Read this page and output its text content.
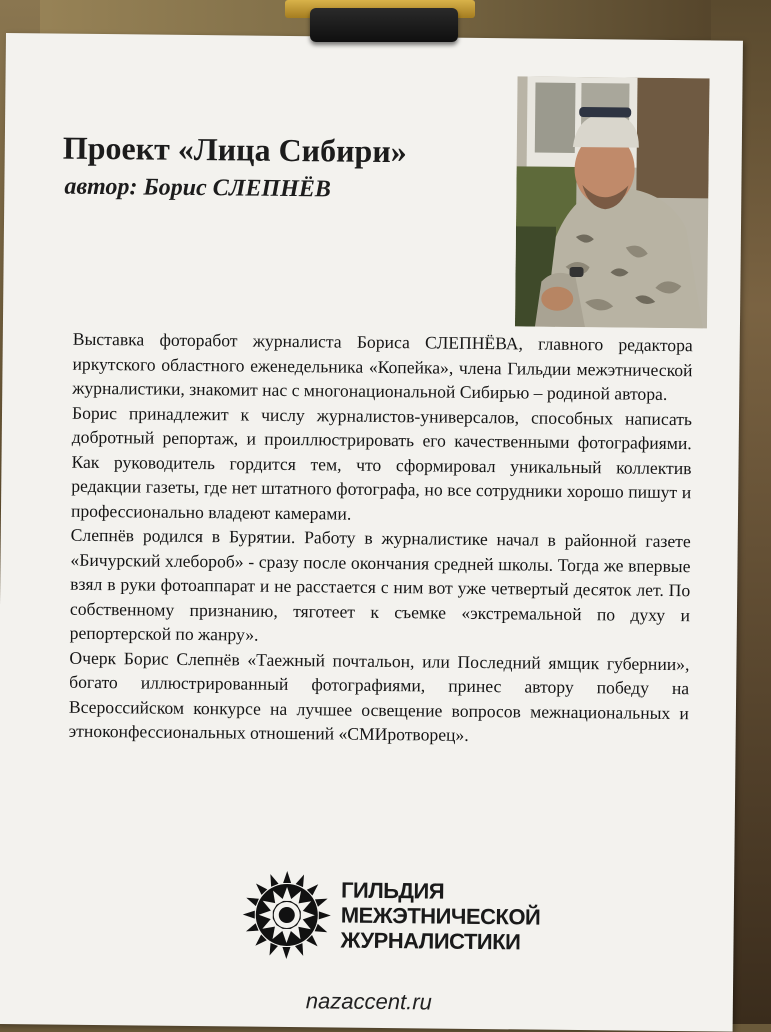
Проект «Лица Сибири»
автор: Борис СЛЕПНЁВ

Выставка фоторабот журналиста Бориса СЛЕПНЁВА, главного редактора иркутского областного еженедельника «Копейка», члена Гильдии межэтнической журналистики, знакомит нас с многонациональной Сибирью – родиной автора.

Борис принадлежит к числу журналистов-универсалов, способных написать добротный репортаж, и проиллюстрировать его качественными фотографиями. Как руководитель гордится тем, что сформировал уникальный коллектив редакции газеты, где нет штатного фотографа, но все сотрудники хорошо пишут и профессионально владеют камерами.

Слепнёв родился в Бурятии. Работу в журналистике начал в районной газете «Бичурский хлебороб» - сразу после окончания средней школы. Тогда же впервые взял в руки фотоаппарат и не расстается с ним вот уже четвертый десяток лет. По собственному признанию, тяготеет к съемке «экстремальной по духу и репортерской по жанру».

Очерк Борис Слепнёв «Таежный почтальон, или Последний ямщик губернии», богато иллюстрированный фотографиями, принес автору победу на Всероссийском конкурсе на лучшее освещение вопросов межнациональных и этноконфессиональных отношений «СМИротворец».

ГИЛЬДИЯ
МЕЖЭТНИЧЕСКОЙ
ЖУРНАЛИСТИКИ
nazaccent.ru
